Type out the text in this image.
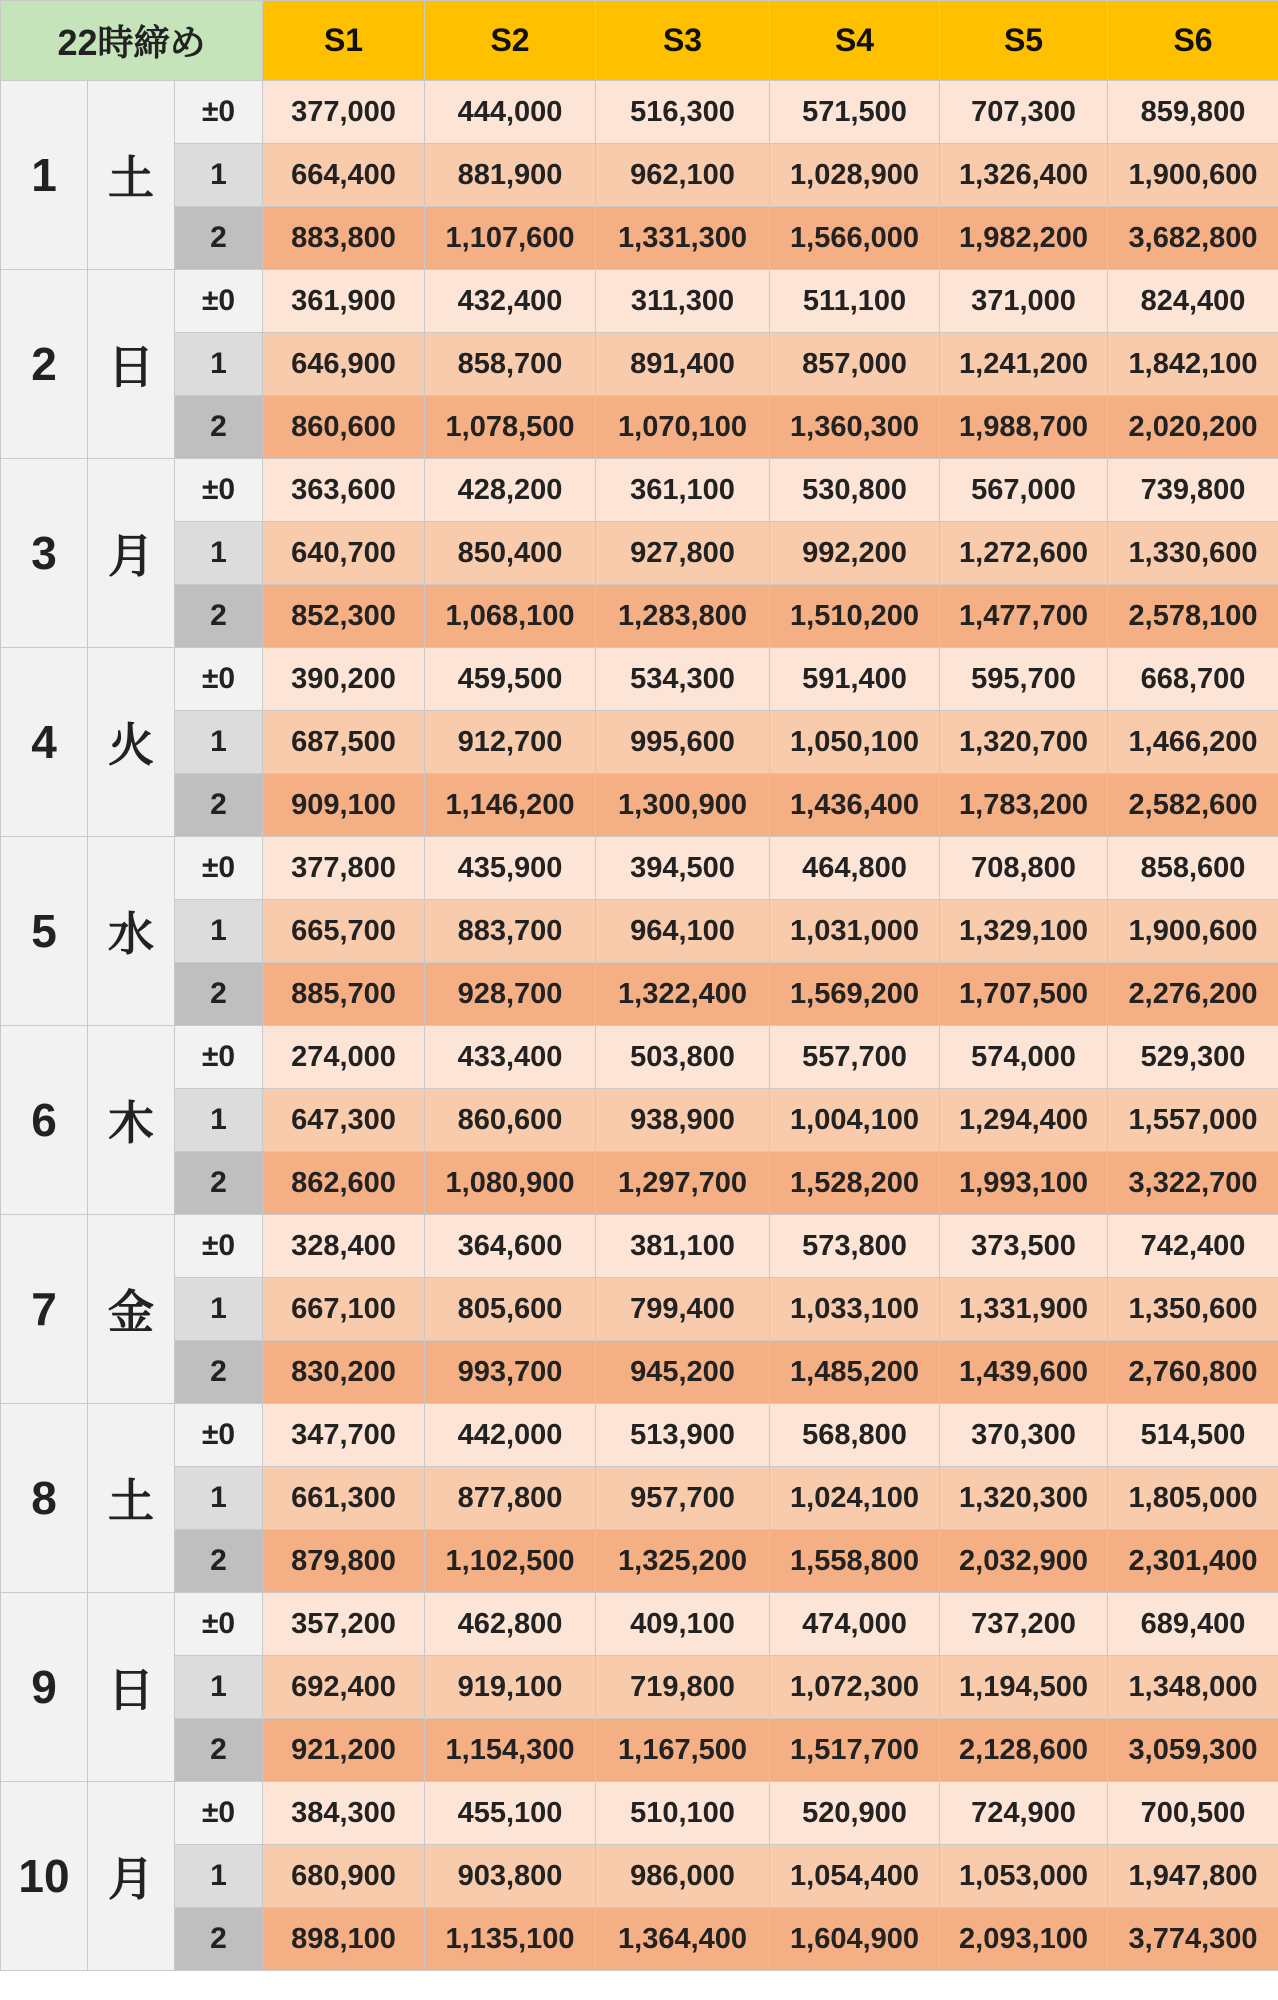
22時締め			S1	S2	S3	S4	S5	S6
1	土	±0	377,000	444,000	516,300	571,500	707,300	859,800
		1	664,400	881,900	962,100	1,028,900	1,326,400	1,900,600
		2	883,800	1,107,600	1,331,300	1,566,000	1,982,200	3,682,800
2	日	±0	361,900	432,400	311,300	511,100	371,000	824,400
		1	646,900	858,700	891,400	857,000	1,241,200	1,842,100
		2	860,600	1,078,500	1,070,100	1,360,300	1,988,700	2,020,200
3	月	±0	363,600	428,200	361,100	530,800	567,000	739,800
		1	640,700	850,400	927,800	992,200	1,272,600	1,330,600
		2	852,300	1,068,100	1,283,800	1,510,200	1,477,700	2,578,100
4	火	±0	390,200	459,500	534,300	591,400	595,700	668,700
		1	687,500	912,700	995,600	1,050,100	1,320,700	1,466,200
		2	909,100	1,146,200	1,300,900	1,436,400	1,783,200	2,582,600
5	水	±0	377,800	435,900	394,500	464,800	708,800	858,600
		1	665,700	883,700	964,100	1,031,000	1,329,100	1,900,600
		2	885,700	928,700	1,322,400	1,569,200	1,707,500	2,276,200
6	木	±0	274,000	433,400	503,800	557,700	574,000	529,300
		1	647,300	860,600	938,900	1,004,100	1,294,400	1,557,000
		2	862,600	1,080,900	1,297,700	1,528,200	1,993,100	3,322,700
7	金	±0	328,400	364,600	381,100	573,800	373,500	742,400
		1	667,100	805,600	799,400	1,033,100	1,331,900	1,350,600
		2	830,200	993,700	945,200	1,485,200	1,439,600	2,760,800
8	土	±0	347,700	442,000	513,900	568,800	370,300	514,500
		1	661,300	877,800	957,700	1,024,100	1,320,300	1,805,000
		2	879,800	1,102,500	1,325,200	1,558,800	2,032,900	2,301,400
9	日	±0	357,200	462,800	409,100	474,000	737,200	689,400
		1	692,400	919,100	719,800	1,072,300	1,194,500	1,348,000
		2	921,200	1,154,300	1,167,500	1,517,700	2,128,600	3,059,300
10	月	±0	384,300	455,100	510,100	520,900	724,900	700,500
		1	680,900	903,800	986,000	1,054,400	1,053,000	1,947,800
		2	898,100	1,135,100	1,364,400	1,604,900	2,093,100	3,774,300
